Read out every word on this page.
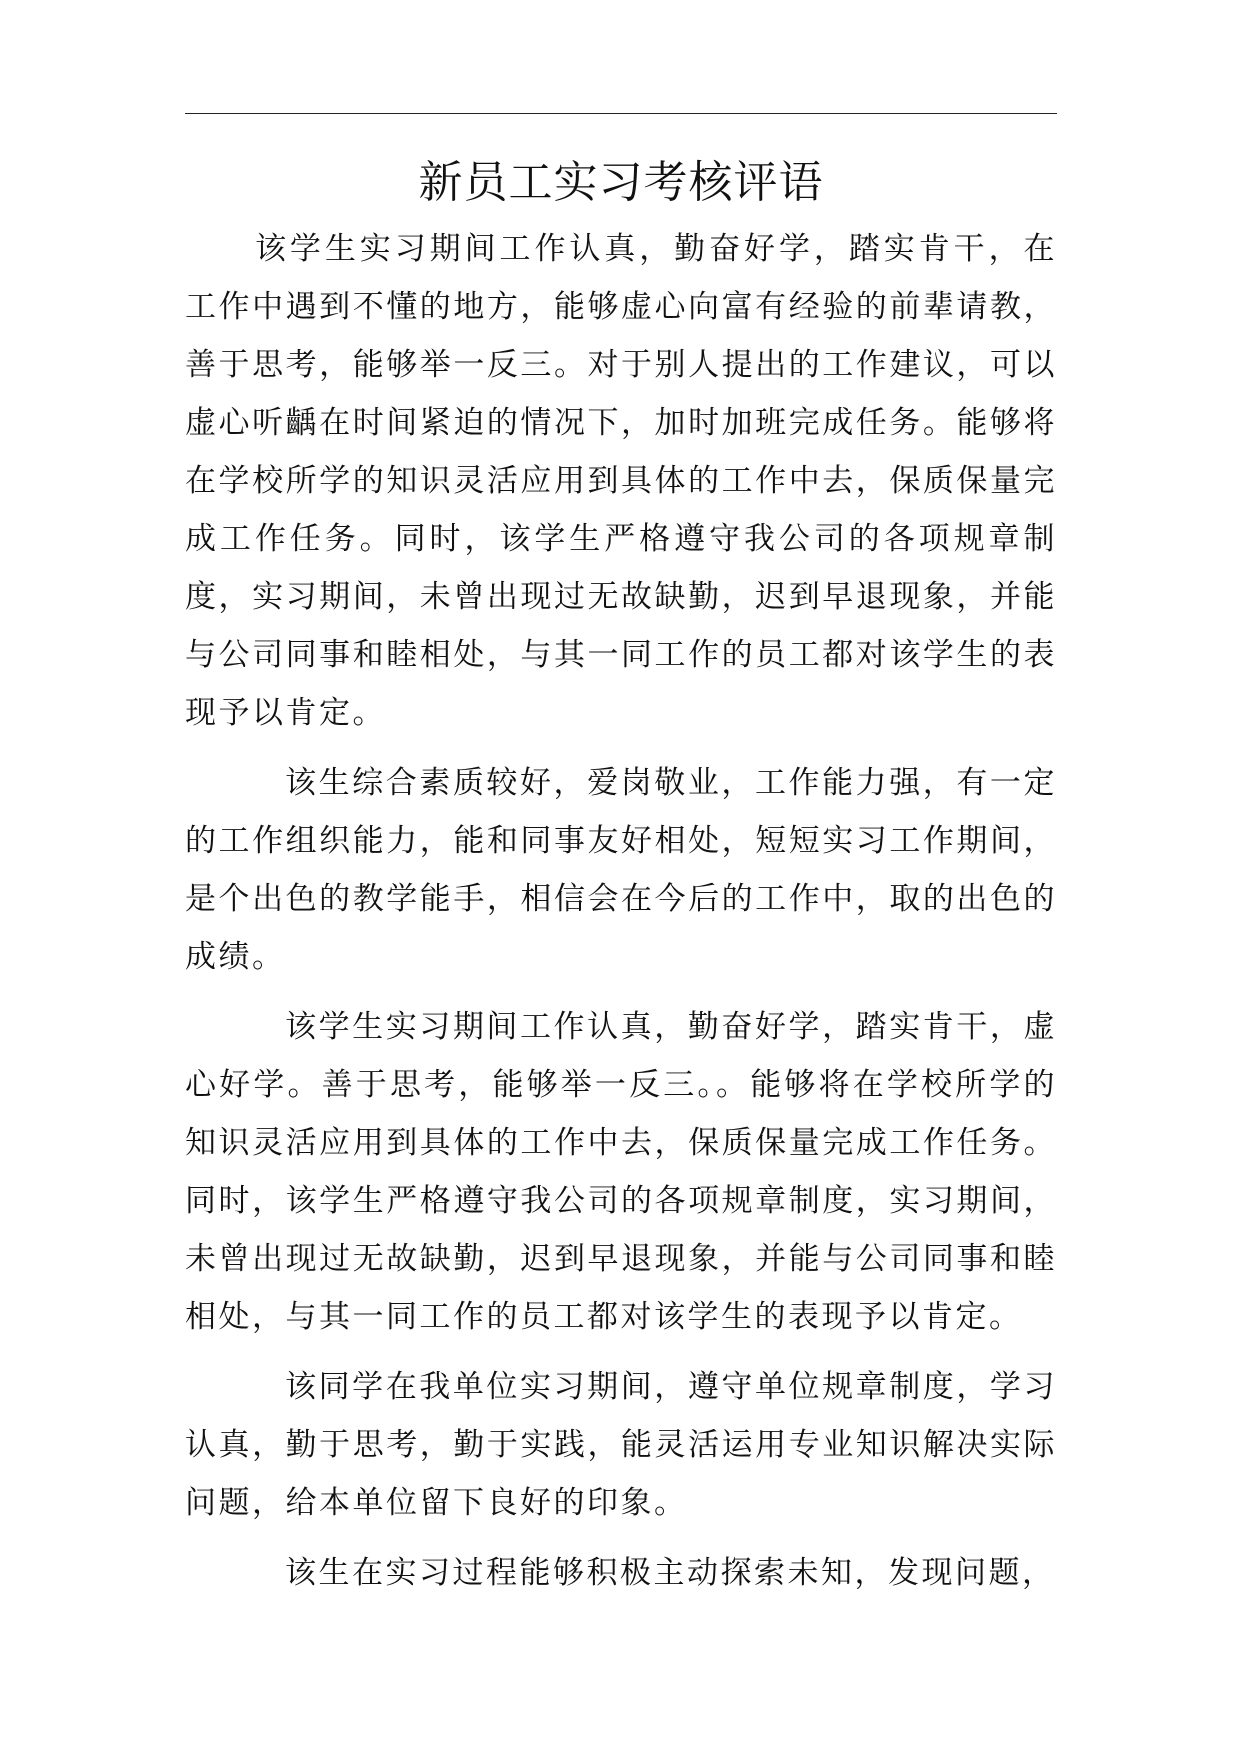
新员工实习考核评语

该学生实习期间工作认真，勤奋好学，踏实肯干，在工作中遇到不懂的地方，能够虚心向富有经验的前辈请教，善于思考，能够举一反三。对于别人提出的工作建议，可以虚心听齲在时间紧迫的情况下，加时加班完成任务。能够将在学校所学的知识灵活应用到具体的工作中去，保质保量完成工作任务。同时，该学生严格遵守我公司的各项规章制度，实习期间，未曾出现过无故缺勤，迟到早退现象，并能与公司同事和睦相处，与其一同工作的员工都对该学生的表现予以肯定。

该生综合素质较好，爱岗敬业，工作能力强，有一定的工作组织能力，能和同事友好相处，短短实习工作期间，是个出色的教学能手，相信会在今后的工作中，取的出色的成绩。

该学生实习期间工作认真，勤奋好学，踏实肯干，虚心好学。善于思考，能够举一反三。。能够将在学校所学的知识灵活应用到具体的工作中去，保质保量完成工作任务。同时，该学生严格遵守我公司的各项规章制度，实习期间，未曾出现过无故缺勤，迟到早退现象，并能与公司同事和睦相处，与其一同工作的员工都对该学生的表现予以肯定。

该同学在我单位实习期间，遵守单位规章制度，学习认真，勤于思考，勤于实践，能灵活运用专业知识解决实际问题，给本单位留下良好的印象。

该生在实习过程能够积极主动探索未知，发现问题，
